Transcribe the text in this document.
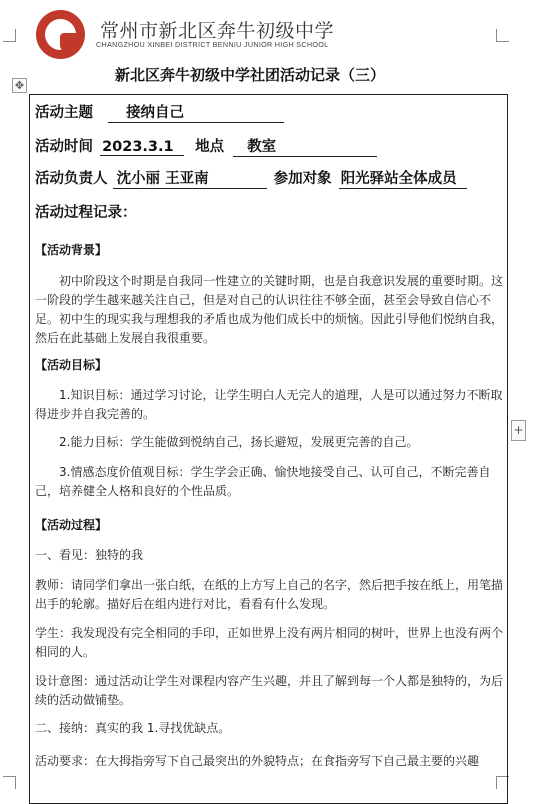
常州市新北区奔牛初级中学
CHANGZHOU XINBEI DISTRICT BENNIU JUNIOR HIGH SCHOOL
✥
+
新北区奔牛初级中学社团活动记录（三）
活动主题 接纳自己
活动时间 2023.3.1 地点 教室
活动负责人 沈小丽 王亚南	参加对象 阳光驿站全体成员
活动过程记录：
【活动背景】
初中阶段这个时期是自我同一性建立的关键时期，也是自我意识发展的重要时期。这一阶段的学生越来越关注自己，但是对自己的认识往往不够全面，甚至会导致自信心不足。初中生的现实我与理想我的矛盾也成为他们成长中的烦恼。因此引导他们悦纳自我，然后在此基础上发展自我很重要。
【活动目标】
1.知识目标：通过学习讨论，让学生明白人无完人的道理，人是可以通过努力不断取得进步并自我完善的。
2.能力目标：学生能做到悦纳自己，扬长避短，发展更完善的自己。
3.情感态度价值观目标：学生学会正确、愉快地接受自己、认可自己，不断完善自己，培养健全人格和良好的个性品质。
【活动过程】
一、看见：独特的我
教师：请同学们拿出一张白纸，在纸的上方写上自己的名字，然后把手按在纸上，用笔描出手的轮廓。描好后在组内进行对比，看看有什么发现。
学生：我发现没有完全相同的手印，正如世界上没有两片相同的树叶，世界上也没有两个相同的人。
设计意图：通过活动让学生对课程内容产生兴趣，并且了解到每一个人都是独特的，为后续的活动做铺垫。
二、接纳：真实的我 1.寻找优缺点。
活动要求：在大拇指旁写下自己最突出的外貌特点；在食指旁写下自己最主要的兴趣
